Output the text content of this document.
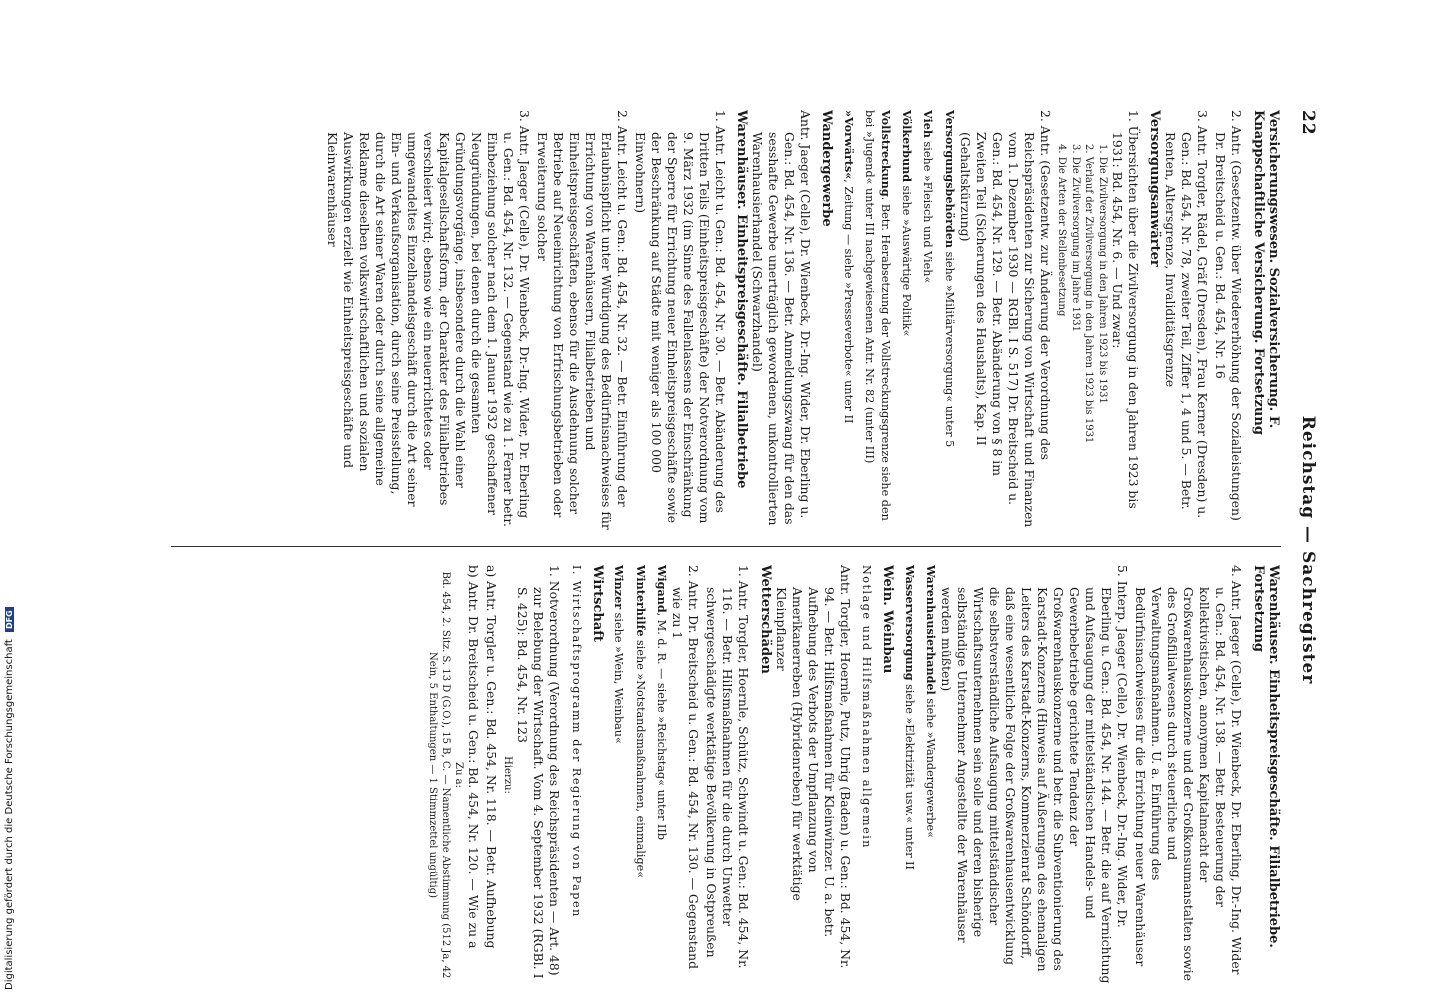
22
Reichstag — Sachregister
Versicherungswesen. Sozialversicherung. F. Knappschaftliche Versicherung. Fortsetzung
2. Antr. (Gesetzentw. über Wiedererhöhung der Sozialleistungen) Dr. Breitscheid u. Gen.: Bd. 454, Nr. 16
3. Antr. Torgler, Rädel, Gräf (Dresden), Frau Kerner (Dresden) u. Gen.: Bd. 454, Nr. 78, zweiter Teil, Ziffer 1, 4 und 5. — Betr. Renten, Altersgrenze, Invaliditätsgrenze
Versorgungsanwärter
1. Übersichten über die Zivilversorgung in den Jahren 1923 bis 1931: Bd. 454, Nr. 6. — Und zwar:
1. Die Zivilversorgung in den Jahren 1923 bis 1931
2. Verlauf der Zivilversorgung in den Jahren 1923 bis 1931
3. Die Zivilversorgung im Jahre 1931
4. Die Arten der Stellenbesetzung
2. Antr. (Gesetzentw. zur Änderung der Verordnung des Reichspräsidenten zur Sicherung von Wirtschaft und Finanzen vom 1. Dezember 1930 — RGBl. I S. 517) Dr. Breitscheid u. Gen.: Bd. 454, Nr. 129. — Betr. Abänderung von § 8 im Zweiten Teil (Sicherungen des Haushalts), Kap. II (Gehaltskürzung)
Versorgungsbehörden siehe »Militärversorgung« unter 5
Vieh siehe »Fleisch und Vieh«
Völkerbund siehe »Auswärtige Politik«
Vollstreckung. Betr. Herabsetzung der Vollstreckungsgrenze siehe den bei »Jugend« unter III nachgewiesenen Antr. Nr. 82 (unter III)
»Vorwärts«, Zeitung — siehe »Presseverbote« unter II
Wandergewerbe
Antr. Jaeger (Celle), Dr. Wienbeck, Dr.-Ing. Wider, Dr. Eberling u. Gen.: Bd. 454, Nr. 136. — Betr. Anmeldungszwang für den das sesshafte Gewerbe unerträglich gewordenen, unkontrollierten Warenhausierhandel (Schwarzhandel)
Warenhäuser. Einheitspreisgeschäfte. Filialbetriebe
1. Antr. Leicht u. Gen.: Bd. 454, Nr. 30. — Betr. Abänderung des Dritten Teils (Einheitspreisgeschäfte) der Notverordnung vom 9. März 1932 (im Sinne des Fallenlassens der Einschränkung der Sperre für Errichtung neuer Einheitspreisgeschäfte sowie der Beschränkung auf Städte mit weniger als 100 000 Einwohnern)
2. Antr. Leicht u. Gen.: Bd. 454, Nr. 32. — Betr. Einführung der Erlaubnispflicht unter Würdigung des Bedürfnisnachweises für Errichtung von Warenhäusern, Filialbetrieben und Einheitspreisgeschäften, ebenso für die Ausdehnung solcher Betriebe auf Neueinrichtung von Erfrischungsbetrieben oder Erweiterung solcher
3. Antr. Jaeger (Celle), Dr. Wienbeck, Dr.-Ing. Wider, Dr. Eberling u. Gen.: Bd. 454, Nr. 132. — Gegenstand wie zu 1. Ferner betr. Einbeziehung solcher nach dem 1. Januar 1932 geschaffener Neugründungen, bei denen durch die gesamten Gründungsvorgänge, insbesondere durch die Wahl einer Kapitalgesellschaftsform, der Charakter des Filialbetriebes verschleiert wird; ebenso wie ein neuerrichtetes oder umgewandeltes Einzelhandelsgeschäft durch die Art seiner Ein- und Verkaufsorganisation, durch seine Preisstellung, durch die Art seiner Waren oder durch seine allgemeine Reklame dieselben volkswirtschaftlichen und sozialen Auswirkungen erzielt wie Einheitspreisgeschäfte und Kleinwarenhäuser
Warenhäuser. Einheitspreisgeschäfte. Filialbetriebe. Fortsetzung
4. Antr. Jaeger (Celle), Dr. Wienbeck, Dr. Eberling, Dr.-Ing. Wider u. Gen.: Bd. 454, Nr. 138. — Betr. Besteuerung der kollektivistischen, anonymen Kapitalmacht der Großwarenhauskonzerne und der Großkonsumanstalten sowie des Großfilialwesens durch steuerliche und Verwaltungsmaßnahmen. U. a. Einführung des Bedürfnisnachweises für die Errichtung neuer Warenhäuser
5. Interp. Jaeger (Celle), Dr. Wienbeck, Dr.-Ing. Wider, Dr. Eberling u. Gen.: Bd. 454, Nr. 144. — Betr. die auf Vernichtung und Aufsaugung der mittelständischen Handels- und Gewerbebetriebe gerichtete Tendenz der Großwarenhauskonzerne und betr. die Subventionierung des Karstadt-Konzerns (Hinweis auf Äußerungen des ehemaligen Leiters des Karstadt-Konzerns, Kommerzienrat Schöndorff, daß eine wesentliche Folge der Großwarenhausentwicklung die selbstverständliche Aufsaugung mittelständischer Wirtschaftsunternehmen sein solle und deren bisherige selbständige Unternehmer Angestellte der Warenhäuser werden müßten)
Warenhausierhandel siehe »Wandergewerbe«
Wasserversorgung siehe »Elektrizität usw.« unter II
Wein. Weinbau
Notlage und Hilfsmaßnahmen allgemein
Antr. Torgler, Hoernle, Putz, Uhrig (Baden) u. Gen.: Bd. 454, Nr. 94. — Betr. Hilfsmaßnahmen für Kleinwinzer. U. a. betr. Aufhebung des Verbots der Umpflanzung von Amerikanerreben (Hybridenreben) für werktätige Kleinpflanzer
Wetterschäden
1. Antr. Torgler, Hoernle, Schütz, Schwindt u. Gen.: Bd. 454, Nr. 116. — Betr. Hilfsmaßnahmen für die durch Unwetter schwergeschädigte werktätige Bevölkerung in Ostpreußen
2. Antr. Dr. Breitscheid u. Gen.: Bd. 454, Nr. 130. — Gegenstand wie zu 1
Wigand, M. d. R. — siehe »Reichstag« unter IIb
Winterhilfe siehe »Notstandsmaßnahmen, einmalige«
Winzer siehe »Wein, Weinbau«
Wirtschaft
I. Wirtschaftsprogramm der Regierung von Papen
1. Notverordnung (Verordnung des Reichspräsidenten — Art. 48) zur Belebung der Wirtschaft. Vom 4. September 1932 (RGBl. I S. 425): Bd. 454, Nr. 123
Hierzu:
a) Antr. Torgler u. Gen.: Bd. 454, Nr. 118. — Betr. Aufhebung
b) Antr. Dr. Breitscheid u. Gen.: Bd. 454, Nr. 120. — Wie zu a
Zu a:
Bd. 454, 2. Sitz. S. 13 D (G.O.), 15 B, C. — Namentliche Abstimmung (512 Ja, 42 Nein, 5 Enthaltungen — 1 Stimmzettel ungültig)
Digitalisierung gefördert durch die Deutsche Forschungsgemeinschaft DFG
